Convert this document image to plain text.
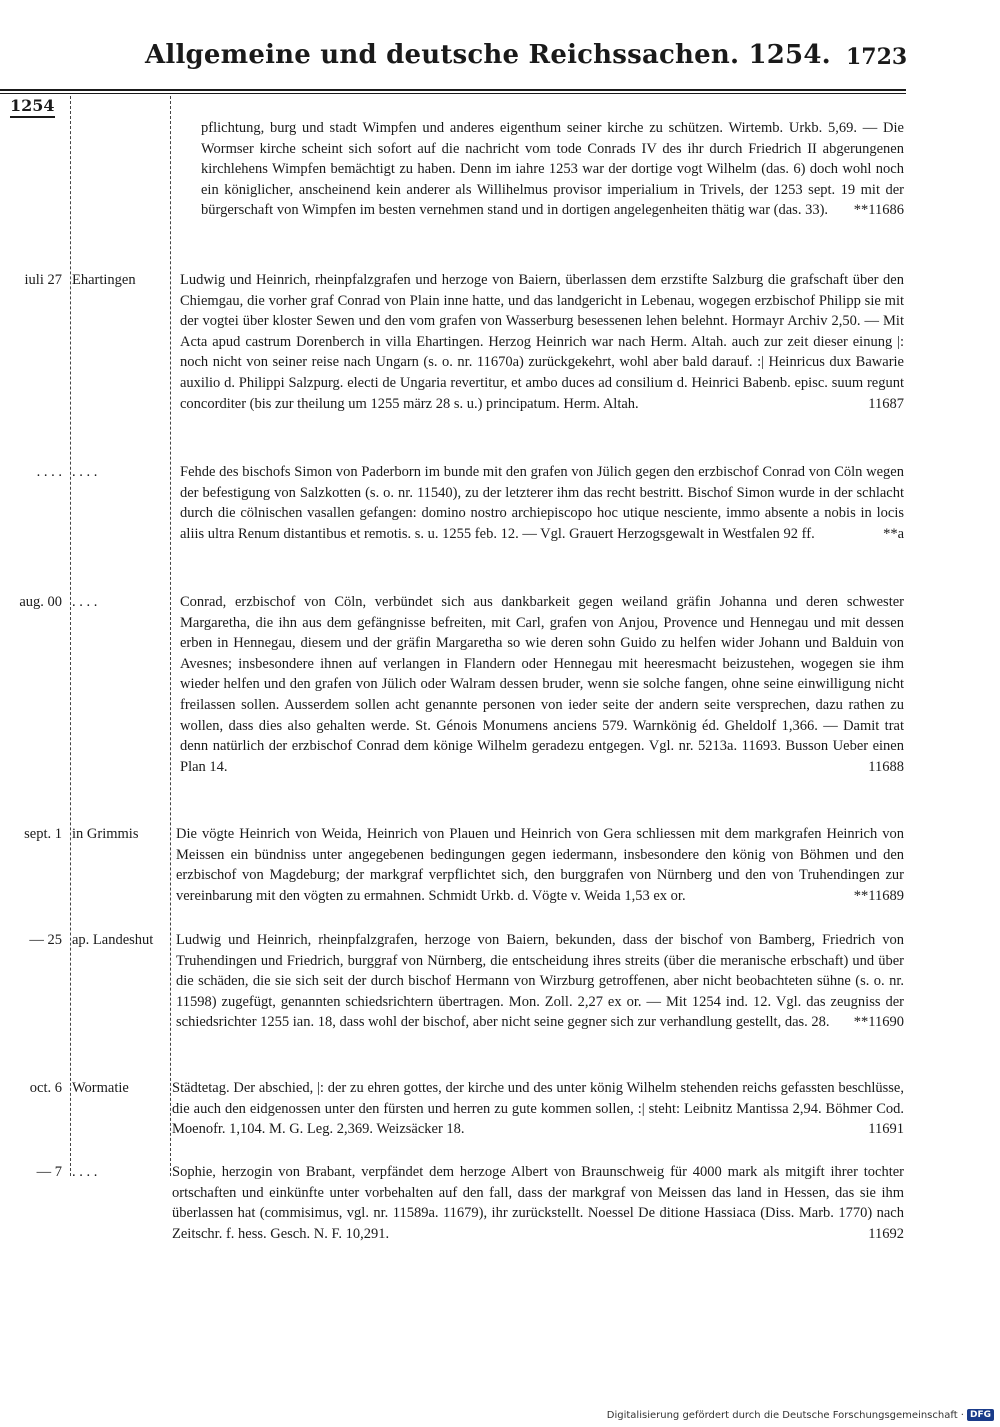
Allgemeine und deutsche Reichssachen. 1254. 1723
1254
pflichtung, burg und stadt Wimpfen und anderes eigenthum seiner kirche zu schützen. Wirtemb. Urkb. 5,69. — Die Wormser kirche scheint sich sofort auf die nachricht vom tode Conrads IV des ihr durch Friedrich II abgerungenen kirchlehens Wimpfen bemächtigt zu haben. Denn im iahre 1253 war der dortige vogt Wilhelm (das. 6) doch wohl noch ein königlicher, anscheinend kein anderer als Willihelmus provisor imperialium in Trivels, der 1253 sept. 19 mit der bürgerschaft von Wimpfen im besten vernehmen stand und in dortigen angelegenheiten thätig war (das. 33). **11686
iuli 27 Ehartingen	Ludwig und Heinrich, rheinpfalzgrafen und herzoge von Baiern, überlassen dem erzstifte Salzburg die grafschaft über den Chiemgau, die vorher graf Conrad von Plain inne hatte, und das landgericht in Lebenau, wogegen erzbischof Philipp sie mit der vogtei über kloster Sewen und den vom grafen von Wasserburg besessenen lehen belehnt. Hormayr Archiv 2,50. — Mit Acta apud castrum Dorenberch in villa Ehartingen. Herzog Heinrich war nach Herm. Altah. auch zur zeit dieser einung |: noch nicht von seiner reise nach Ungarn (s. o. nr. 11670a) zurückgekehrt, wohl aber bald darauf. :| Heinricus dux Bawarie auxilio d. Philippi Salzpurg. electi de Ungaria revertitur, et ambo duces ad consilium d. Heinrici Babenb. episc. suum regunt concorditer (bis zur theilung um 1255 märz 28 s. u.) principatum. Herm. Altah.	11687
. . . . . . . .	Fehde des bischofs Simon von Paderborn im bunde mit den grafen von Jülich gegen den erzbischof Conrad von Cöln wegen der befestigung von Salzkotten (s. o. nr. 11540), zu der letzterer ihm das recht bestritt. Bischof Simon wurde in der schlacht durch die cölnischen vasallen gefangen: domino nostro archiepiscopo hoc utique nesciente, immo absente a nobis in locis aliis ultra Renum distantibus et remotis. s. u. 1255 feb. 12. — Vgl. Grauert Herzogsgewalt in Westfalen 92 ff.	**a
aug. 00 . . . .	Conrad, erzbischof von Cöln, verbündet sich aus dankbarkeit gegen weiland gräfin Johanna und deren schwester Margaretha, die ihn aus dem gefängnisse befreiten, mit Carl, grafen von Anjou, Provence und Hennegau und mit dessen erben in Hennegau, diesem und der gräfin Margaretha so wie deren sohn Guido zu helfen wider Johann und Balduin von Avesnes; insbesondere ihnen auf verlangen in Flandern oder Hennegau mit heeresmacht beizustehen, wogegen sie ihm wieder helfen und den grafen von Jülich oder Walram dessen bruder, wenn sie solche fangen, ohne seine einwilligung nicht freilassen sollen. Ausserdem sollen acht genannte personen von ieder seite der andern seite versprechen, dazu rathen zu wollen, dass dies also gehalten werde. St. Génois Monumens anciens 579. Warnkönig éd. Gheldolf 1,366. — Damit trat denn natürlich der erzbischof Conrad dem könige Wilhelm geradezu entgegen. Vgl. nr. 5213a. 11693. Busson Ueber einen Plan 14.	11688
sept. 1 in Grimmis	Die vögte Heinrich von Weida, Heinrich von Plauen und Heinrich von Gera schliessen mit dem markgrafen Heinrich von Meissen ein bündniss unter angegebenen bedingungen gegen iedermann, insbesondere den könig von Böhmen und den erzbischof von Magdeburg; der markgraf verpflichtet sich, den burggrafen von Nürnberg und den von Truhendingen zur vereinbarung mit den vögten zu ermahnen. Schmidt Urkb. d. Vögte v. Weida 1,53 ex or.	**11689
— 25 ap. Landeshut	Ludwig und Heinrich, rheinpfalzgrafen, herzoge von Baiern, bekunden, dass der bischof von Bamberg, Friedrich von Truhendingen und Friedrich, burggraf von Nürnberg, die entscheidung ihres streits (über die meranische erbschaft) und über die schäden, die sie sich seit der durch bischof Hermann von Wirzburg getroffenen, aber nicht beobachteten sühne (s. o. nr. 11598) zugefügt, genannten schiedsrichtern übertragen. Mon. Zoll. 2,27 ex or. — Mit 1254 ind. 12. Vgl. das zeugniss der schiedsrichter 1255 ian. 18, dass wohl der bischof, aber nicht seine gegner sich zur verhandlung gestellt, das. 28. **11690
oct. 6 Wormatie	Städtetag. Der abschied, |: der zu ehren gottes, der kirche und des unter könig Wilhelm stehenden reichs gefassten beschlüsse, die auch den eidgenossen unter den fürsten und herren zu gute kommen sollen, :| steht: Leibnitz Mantissa 2,94. Böhmer Cod. Moenofr. 1,104. M. G. Leg. 2,369. Weizsäcker 18.	11691
— 7 . . . .	Sophie, herzogin von Brabant, verpfändet dem herzoge Albert von Braunschweig für 4000 mark als mitgift ihrer tochter ortschaften und einkünfte unter vorbehalten auf den fall, dass der markgraf von Meissen das land in Hessen, das sie ihm überlassen hat (commisimus, vgl. nr. 11589a. 11679), ihr zurückstellt. Noessel De ditione Hassiaca (Diss. Marb. 1770) nach Zeitschr. f. hess. Gesch. N. F. 10,291.	11692
Digitalisierung gefördert durch die Deutsche Forschungsgemeinschaft · DFG
